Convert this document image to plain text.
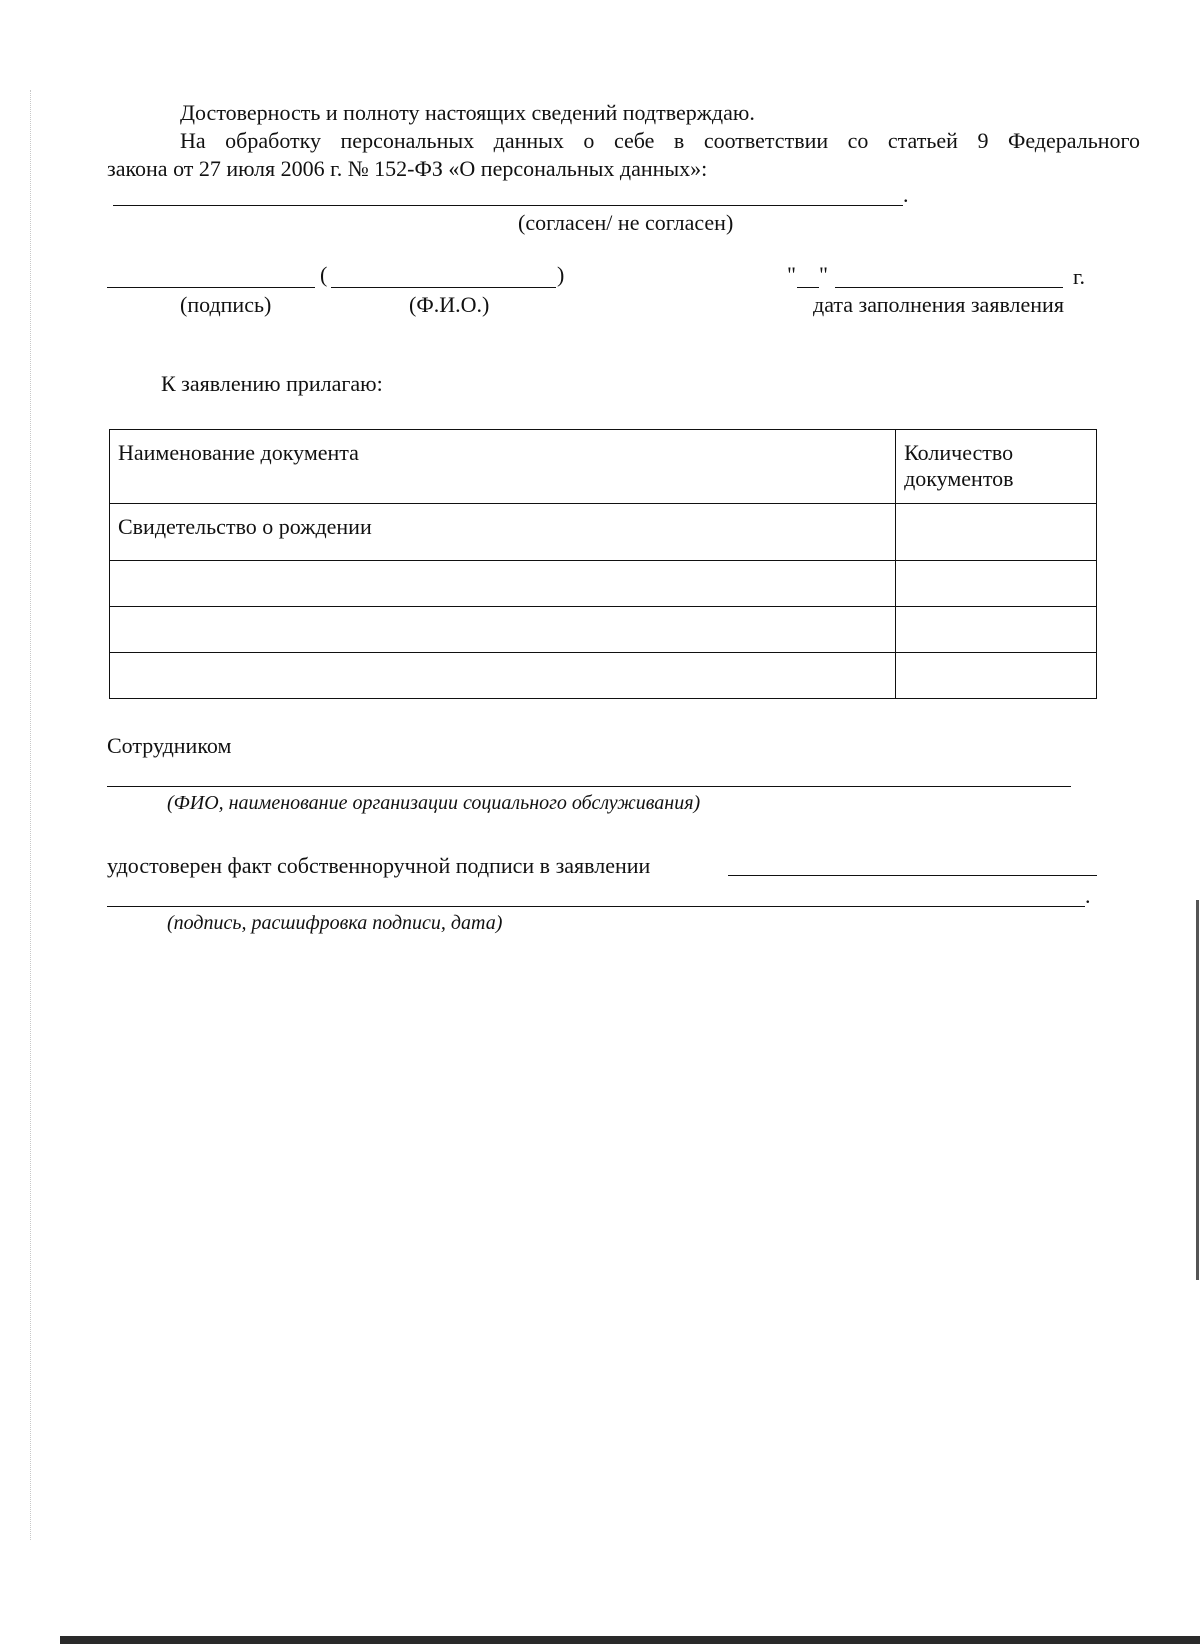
Достоверность и полноту настоящих сведений подтверждаю.
На обработку персональных данных о себе в соответствии со статьей 9 Федерального
закона от 27 июля 2006 г. № 152-ФЗ «О персональных данных»:
.
(согласен/ не согласен)
(	)	" "	г.
(подпись)	(Ф.И.О.)	дата заполнения заявления
К заявлению прилагаю:
Наименование документа	Количество документов
Свидетельство о рождении	

Сотрудником
(ФИО, наименование организации социального обслуживания)
удостоверен факт собственноручной подписи в заявлении
.
(подпись, расшифровка подписи, дата)
